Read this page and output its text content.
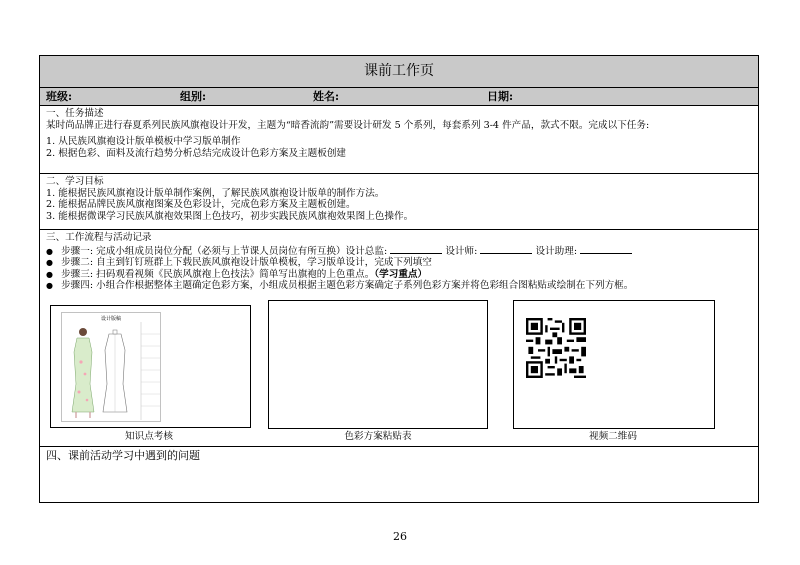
课前工作页
班级:	组别:	姓名:	日期:
一、任务描述
某时尚品牌正进行春夏系列民族风旗袍设计开发，主题为“暗香流韵”需要设计研发 5 个系列，每套系列 3-4 件产品，款式不限。完成以下任务:
1. 从民族风旗袍设计版单模板中学习版单制作
2. 根据色彩、面料及流行趋势分析总结完成设计色彩方案及主题板创建
二、学习目标
1. 能根据民族风旗袍设计版单制作案例，了解民族风旗袍设计版单的制作方法。
2. 能根据品牌民族风旗袍图案及色彩设计，完成色彩方案及主题板创建。
3. 能根据微课学习民族风旗袍效果图上色技巧，初步实践民族风旗袍效果图上色操作。
三、工作流程与活动记录
● 步骤一: 完成小组成员岗位分配（必须与上节课人员岗位有所互换）设计总监:	设计师:	设计助理:
● 步骤二: 自主到钉钉班群上下载民族风旗袍设计版单模板，学习版单设计，完成下列填空
● 步骤三: 扫码观看视频《民族风旗袍上色技法》简单写出旗袍的上色重点。（学习重点）
● 步骤四: 小组合作根据整体主题确定色彩方案，小组成员根据主题色彩方案确定子系列色彩方案并将色彩组合图粘贴或绘制在下列方框。
设计版稿
知识点考核	色彩方案粘贴表	视频二维码
四、课前活动学习中遇到的问题
26
